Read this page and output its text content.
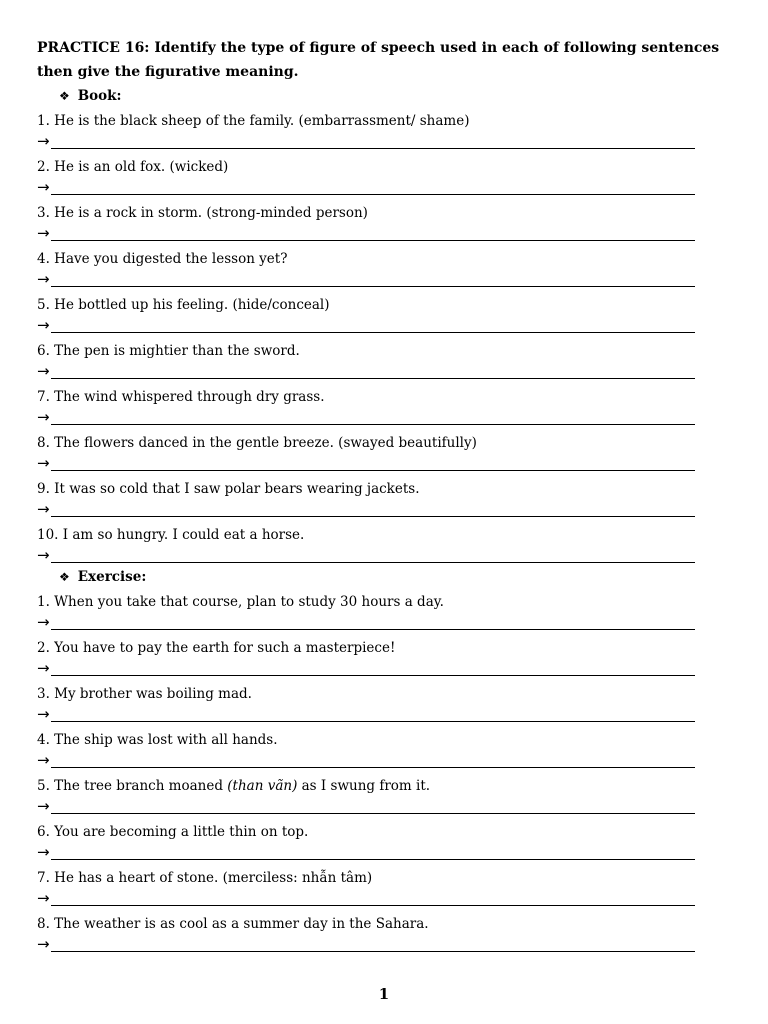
PRACTICE 16: Identify the type of figure of speech used in each of following sentences then give the figurative meaning.
❖ Book:
1. He is the black sheep of the family. (embarrassment/ shame)
→
2. He is an old fox. (wicked)
→
3. He is a rock in storm. (strong-minded person)
→
4. Have you digested the lesson yet?
→
5. He bottled up his feeling. (hide/conceal)
→
6. The pen is mightier than the sword.
→
7. The wind whispered through dry grass.
→
8. The flowers danced in the gentle breeze. (swayed beautifully)
→
9. It was so cold that I saw polar bears wearing jackets.
→
10. I am so hungry. I could eat a horse.
→
❖ Exercise:
1. When you take that course, plan to study 30 hours a day.
→
2. You have to pay the earth for such a masterpiece!
→
3. My brother was boiling mad.
→
4. The ship was lost with all hands.
→
5. The tree branch moaned (than vãn) as I swung from it.
→
6. You are becoming a little thin on top.
→
7. He has a heart of stone. (merciless: nhẫn tâm)
→
8. The weather is as cool as a summer day in the Sahara.
→
1
